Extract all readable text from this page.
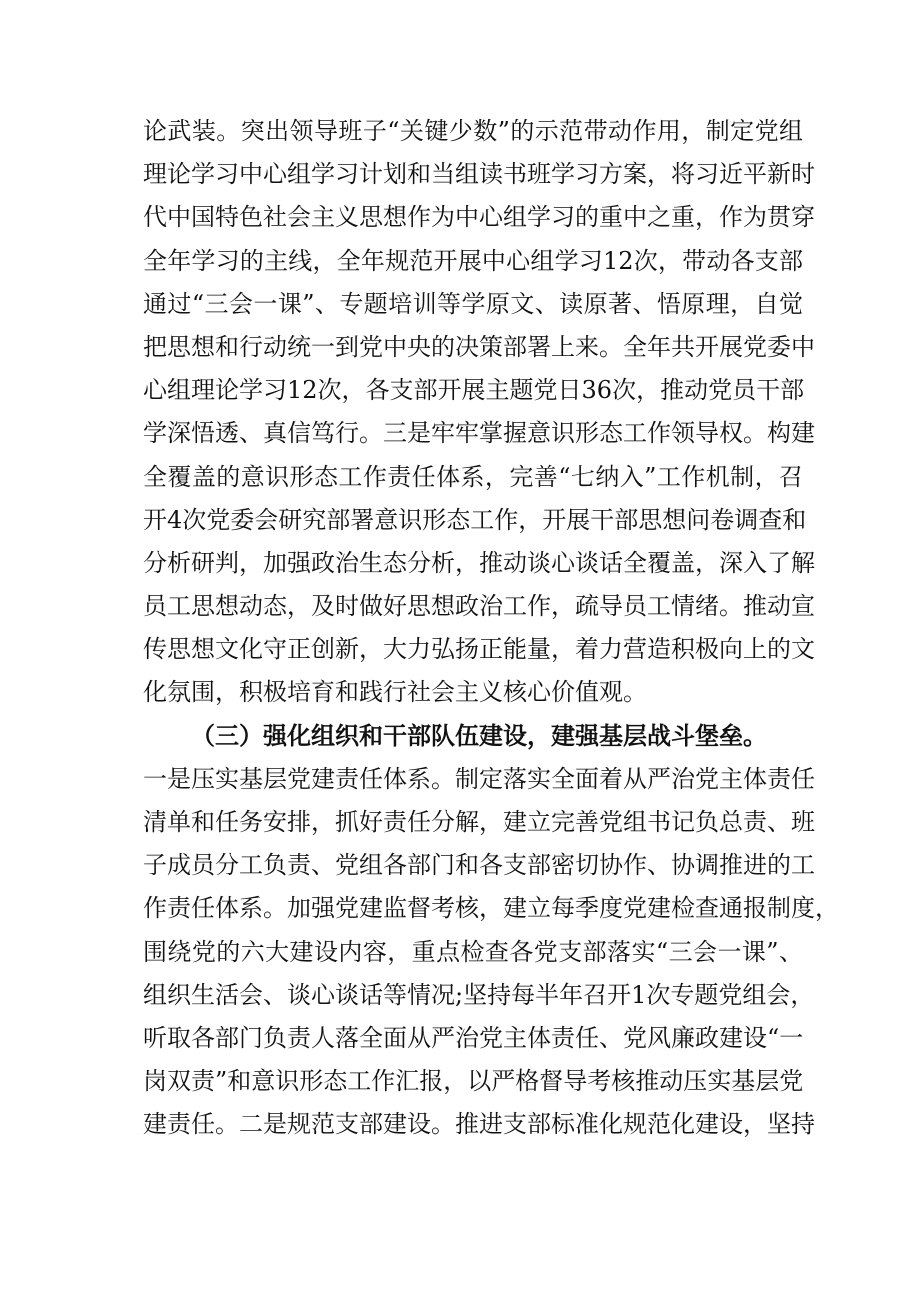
论武装。突出领导班子“关键少数”的示范带动作用，制定党组
理论学习中心组学习计划和当组读书班学习方案，将习近平新时
代中国特色社会主义思想作为中心组学习的重中之重，作为贯穿
全年学习的主线，全年规范开展中心组学习12次，带动各支部
通过“三会一课”、专题培训等学原文、读原著、悟原理，自觉
把思想和行动统一到党中央的决策部署上来。全年共开展党委中
心组理论学习12次，各支部开展主题党日36次，推动党员干部
学深悟透、真信笃行。三是牢牢掌握意识形态工作领导权。构建
全覆盖的意识形态工作责任体系，完善“七纳入”工作机制，召
开4次党委会研究部署意识形态工作，开展干部思想问卷调查和
分析研判，加强政治生态分析，推动谈心谈话全覆盖，深入了解
员工思想动态，及时做好思想政治工作，疏导员工情绪。推动宣
传思想文化守正创新，大力弘扬正能量，着力营造积极向上的文
化氛围，积极培育和践行社会主义核心价值观。
（三）强化组织和干部队伍建设，建强基层战斗堡垒。
一是压实基层党建责任体系。制定落实全面着从严治党主体责任
清单和任务安排，抓好责任分解，建立完善党组书记负总责、班
子成员分工负责、党组各部门和各支部密切协作、协调推进的工
作责任体系。加强党建监督考核，建立每季度党建检查通报制度，
围绕党的六大建设内容，重点检查各党支部落实“三会一课”、
组织生活会、谈心谈话等情况;坚持每半年召开1次专题党组会，
听取各部门负责人落全面从严治党主体责任、党风廉政建设“一
岗双责”和意识形态工作汇报，以严格督导考核推动压实基层党
建责任。二是规范支部建设。推进支部标准化规范化建设，坚持
